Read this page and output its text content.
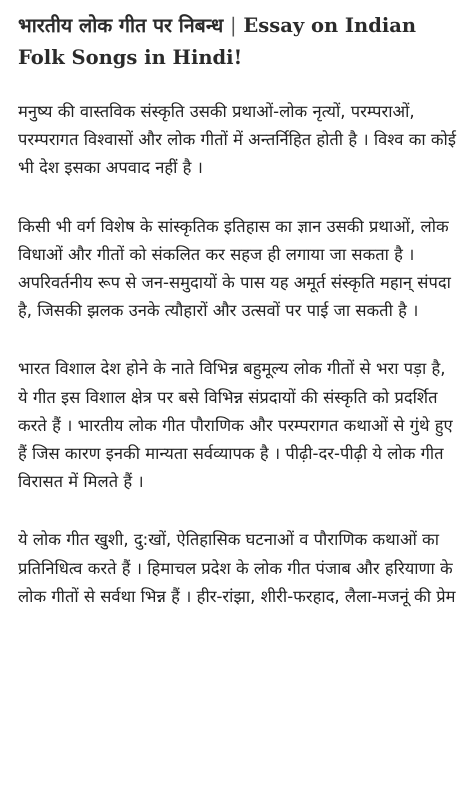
भारतीय लोक गीत पर निबन्ध | Essay on Indian Folk Songs in Hindi!

मनुष्य की वास्तविक संस्कृति उसकी प्रथाओं-लोक नृत्यों, परम्पराओं, परम्परागत विश्वासों और लोक गीतों में अन्तर्निहित होती है । विश्व का कोई भी देश इसका अपवाद नहीं है ।

किसी भी वर्ग विशेष के सांस्कृतिक इतिहास का ज्ञान उसकी प्रथाओं, लोक विधाओं और गीतों को संकलित कर सहज ही लगाया जा सकता है । अपरिवर्तनीय रूप से जन-समुदायों के पास यह अमूर्त संस्कृति महान् संपदा है, जिसकी झलक उनके त्यौहारों और उत्सवों पर पाई जा सकती है ।

भारत विशाल देश होने के नाते विभिन्न बहुमूल्य लोक गीतों से भरा पड़ा है, ये गीत इस विशाल क्षेत्र पर बसे विभिन्न संप्रदायों की संस्कृति को प्रदर्शित करते हैं । भारतीय लोक गीत पौराणिक और परम्परागत कथाओं से गुंथे हुए हैं जिस कारण इनकी मान्यता सर्वव्यापक है । पीढ़ी-दर-पीढ़ी ये लोक गीत विरासत में मिलते हैं ।

ये लोक गीत खुशी, दु:खों, ऐतिहासिक घटनाओं व पौराणिक कथाओं का प्रतिनिधित्व करते हैं । हिमाचल प्रदेश के लोक गीत पंजाब और हरियाणा के लोक गीतों से सर्वथा भिन्न हैं । हीर-रांझा, शीरी-फरहाद, लैला-मजनूं की प्रेम
